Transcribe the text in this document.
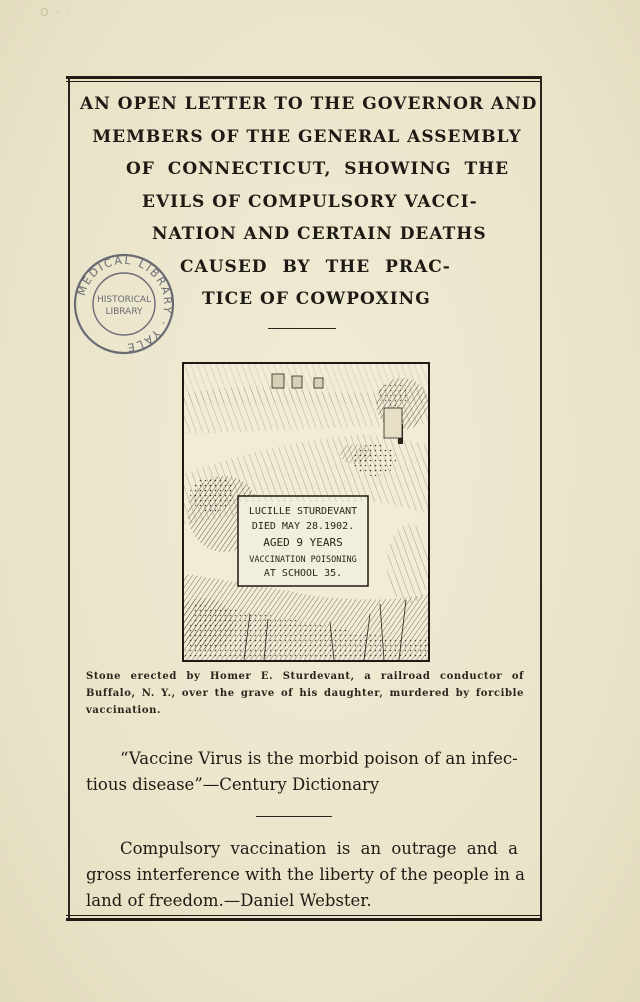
O · ·
AN OPEN LETTER TO THE GOVERNOR AND
MEMBERS OF THE GENERAL ASSEMBLY
OF CONNECTICUT, SHOWING THE
EVILS OF COMPULSORY VACCI-
NATION AND CERTAIN DEATHS
CAUSED BY THE PRAC-
TICE OF COWPOXING
MEDICAL LIBRARY · YALE
HISTORICAL
LIBRARY
LUCILLE STURDEVANT
DIED MAY 28.1902.
AGED 9 YEARS
VACCINATION POISONING
AT SCHOOL 35.
Stone erected by Homer E. Sturdevant, a railroad conductor of Buffalo, N. Y., over the grave of his daughter, murdered by forcible vaccination.
“Vaccine Virus is the morbid poison of an infec-
tious disease”—Century Dictionary
Compulsory vaccination is an outrage and a
gross interference with the liberty of the people in a
land of freedom.—Daniel Webster.
